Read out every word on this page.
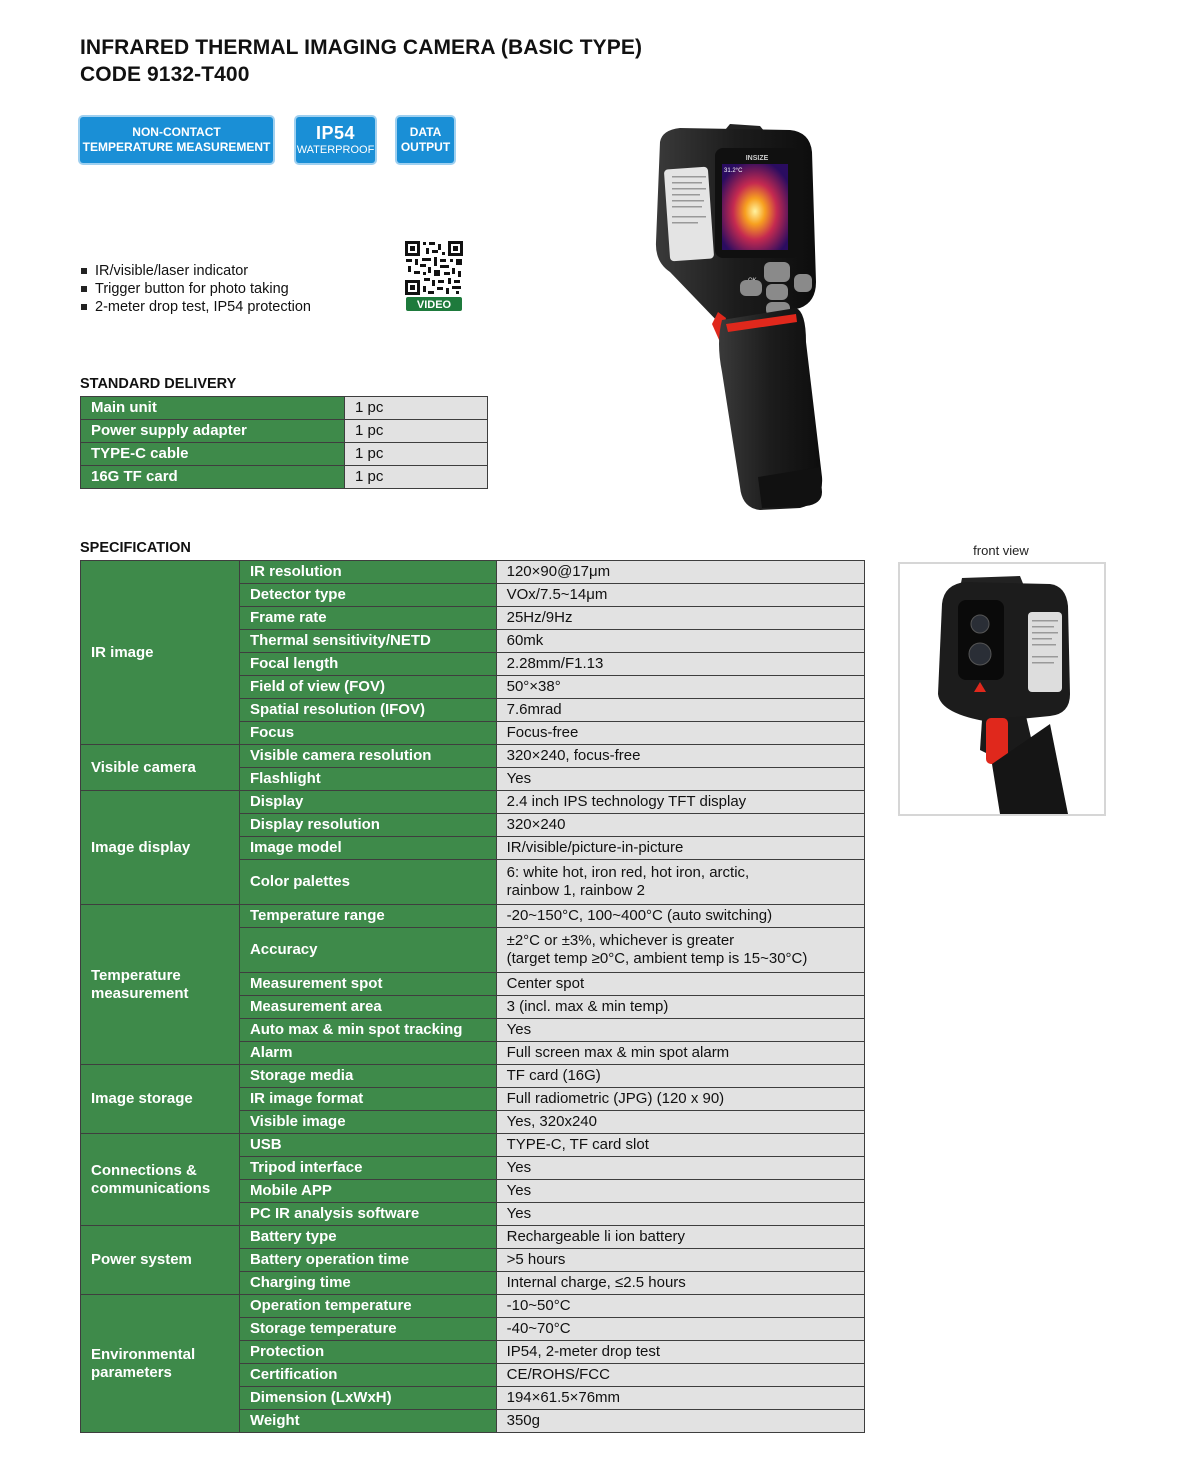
INFRARED THERMAL IMAGING CAMERA (BASIC TYPE)
CODE 9132-T400
NON-CONTACT
TEMPERATURE MEASUREMENT
IP54
WATERPROOF
DATA
OUTPUT
IR/visible/laser indicator
Trigger button for photo taking
2-meter drop test, IP54 protection	VIDEO
STANDARD DELIVERY
Main unit	1 pc
Power supply adapter	1 pc
TYPE-C cable	1 pc
16G TF card	1 pc
SPECIFICATION
IR image	IR resolution	120×90@17μm

	Detector type	VOx/7.5~14μm

	Frame rate	25Hz/9Hz

	Thermal sensitivity/NETD	60mk

	Focal length	2.28mm/F1.13

	Field of view (FOV)	50°×38°

	Spatial resolution (IFOV)	7.6mrad

	Focus	Focus-free

Visible camera	Visible camera resolution	320×240, focus-free

	Flashlight	Yes

Image display	Display	2.4 inch IPS technology TFT display

	Display resolution	320×240

	Image model	IR/visible/picture-in-picture

	Color palettes	6: white hot, iron red, hot iron, arctic,
rainbow 1, rainbow 2

Temperature
measurement	Temperature range	-20~150°C, 100~400°C (auto switching)

	Accuracy	±2°C or ±3%, whichever is greater
(target temp ≥0°C, ambient temp is 15~30°C)

	Measurement spot	Center spot

	Measurement area	3 (incl. max & min temp)

	Auto max & min spot tracking	Yes

	Alarm	Full screen max & min spot alarm

Image storage	Storage media	TF card (16G)

	IR image format	Full radiometric (JPG) (120 x 90)

	Visible image	Yes, 320x240

Connections &
communications	USB	TYPE-C, TF card slot

	Tripod interface	Yes

	Mobile APP	Yes

	PC IR analysis software	Yes

Power system	Battery type	Rechargeable li ion battery

	Battery operation time	>5 hours

	Charging time	Internal charge, ≤2.5 hours

Environmental
parameters	Operation temperature	-10~50°C

	Storage temperature	-40~70°C

	Protection	IP54, 2-meter drop test

	Certification	CE/ROHS/FCC

	Dimension (LxWxH)	194×61.5×76mm

	Weight	350g
INSIZE
31.2°C
front view
